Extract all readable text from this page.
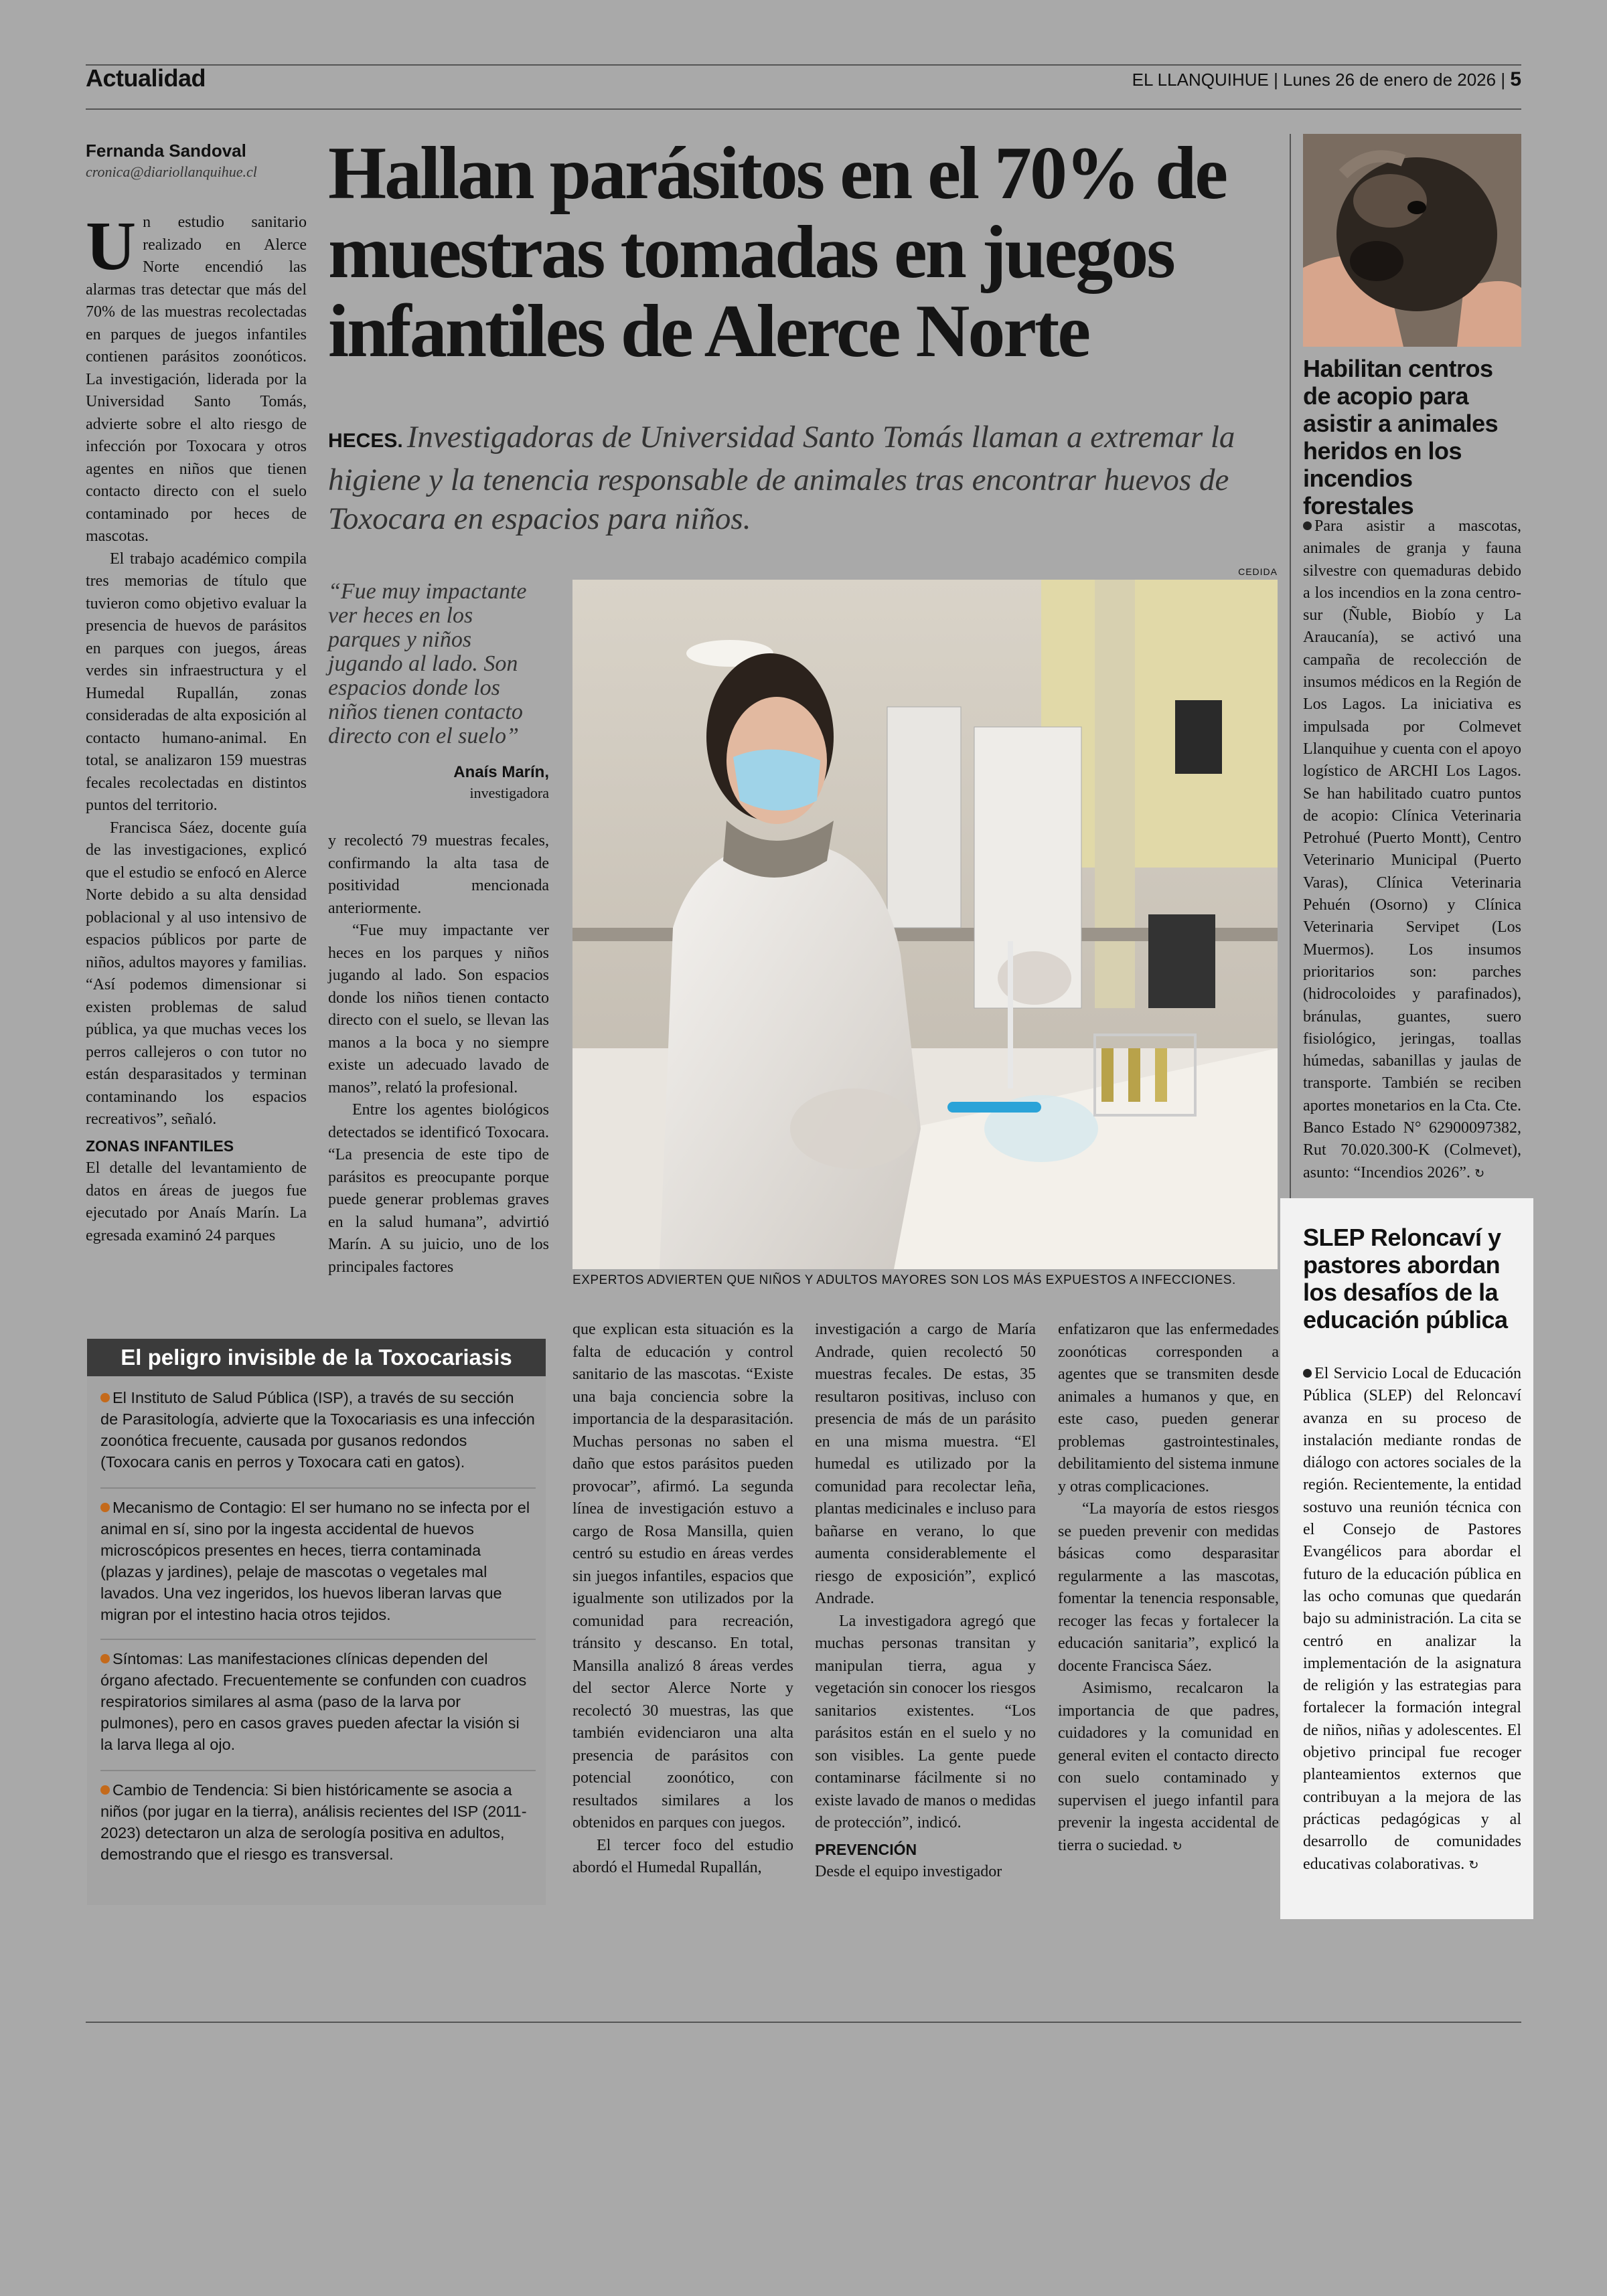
Actualidad	EL LLANQUIHUE | Lunes 26 de enero de 2026 | 5
Fernanda Sandoval
cronica@diariollanquihue.cl Hallan parásitos en el 70% de muestras tomadas en juegos infantiles de Alerce Norte
HECES. Investigadoras de Universidad Santo Tomás llaman a extremar la higiene y la tenencia responsable de animales tras encontrar huevos de Toxocara en espacios para niños.
U n estudio sanitario realizado en Alerce Norte encendió las alarmas tras detectar que más del 70% de las muestras recolectadas en parques de juegos infantiles contienen parásitos zoonóticos. La investigación, liderada por la Universidad Santo Tomás, advierte sobre el alto riesgo de infección por Toxocara y otros agentes en niños que tienen contacto directo con el suelo contaminado por heces de mascotas.

El trabajo académico compila tres memorias de título que tuvieron como objetivo evaluar la presencia de huevos de parásitos en parques con juegos, áreas verdes sin infraestructura y el Humedal Rupallán, zonas consideradas de alta exposición al contacto humano-animal. En total, se analizaron 159 muestras fecales recolectadas en distintos puntos del territorio.

Francisca Sáez, docente guía de las investigaciones, explicó que el estudio se enfocó en Alerce Norte debido a su alta densidad poblacional y al uso intensivo de espacios públicos por parte de niños, adultos mayores y familias. “Así podemos dimensionar si existen problemas de salud pública, ya que muchas veces los perros callejeros o con tutor no están desparasitados y terminan contaminando los espacios recreativos”, señaló.

ZONAS INFANTILES

El detalle del levantamiento de datos en áreas de juegos fue ejecutado por Anaís Marín. La egresada examinó 24 parques

“Fue muy impactante ver heces en los parques y niños jugando al lado. Son espacios donde los niños tienen contacto directo con el suelo”
Anaís Marín,
investigadora

y recolectó 79 muestras fecales, confirmando la alta tasa de positividad mencionada anteriormente.

“Fue muy impactante ver heces en los parques y niños jugando al lado. Son espacios donde los niños tienen contacto directo con el suelo, se llevan las manos a la boca y no siempre existe un adecuado lavado de manos”, relató la profesional.

Entre los agentes biológicos detectados se identificó Toxocara. “La presencia de este tipo de parásitos es preocupante porque puede generar problemas graves en la salud humana”, advirtió Marín. A su juicio, uno de los principales factores

CEDIDA
EXPERTOS ADVIERTEN QUE NIÑOS Y ADULTOS MAYORES SON LOS MÁS EXPUESTOS A INFECCIONES.
El peligro invisible de la Toxocariasis
El Instituto de Salud Pública (ISP), a través de su sección de Parasitología, advierte que la Toxocariasis es una infección zoonótica frecuente, causada por gusanos redondos (Toxocara canis en perros y Toxocara cati en gatos).
Mecanismo de Contagio: El ser humano no se infecta por el animal en sí, sino por la ingesta accidental de huevos microscópicos presentes en heces, tierra contaminada (plazas y jardines), pelaje de mascotas o vegetales mal lavados. Una vez ingeridos, los huevos liberan larvas que migran por el intestino hacia otros tejidos.
Síntomas: Las manifestaciones clínicas dependen del órgano afectado. Frecuentemente se confunden con cuadros respiratorios similares al asma (paso de la larva por pulmones), pero en casos graves pueden afectar la visión si la larva llega al ojo.
Cambio de Tendencia: Si bien históricamente se asocia a niños (por jugar en la tierra), análisis recientes del ISP (2011-2023) detectaron un alza de serología positiva en adultos, demostrando que el riesgo es transversal.

que explican esta situación es la falta de educación y control sanitario de las mascotas. “Existe una baja conciencia sobre la importancia de la desparasitación. Muchas personas no saben el daño que estos parásitos pueden provocar”, afirmó. La segunda línea de investigación estuvo a cargo de Rosa Mansilla, quien centró su estudio en áreas verdes sin juegos infantiles, espacios que igualmente son utilizados por la comunidad para recreación, tránsito y descanso. En total, Mansilla analizó 8 áreas verdes del sector Alerce Norte y recolectó 30 muestras, las que también evidenciaron una alta presencia de parásitos con potencial zoonótico, con resultados similares a los obtenidos en parques con juegos.

El tercer foco del estudio abordó el Humedal Rupallán,

investigación a cargo de María Andrade, quien recolectó 50 muestras fecales. De estas, 35 resultaron positivas, incluso con presencia de más de un parásito en una misma muestra. “El humedal es utilizado por la comunidad para recolectar leña, plantas medicinales e incluso para bañarse en verano, lo que aumenta considerablemente el riesgo de exposición”, explicó Andrade.

La investigadora agregó que muchas personas transitan y manipulan tierra, agua y vegetación sin conocer los riesgos sanitarios existentes. “Los parásitos están en el suelo y no son visibles. La gente puede contaminarse fácilmente si no existe lavado de manos o medidas de protección”, indicó.

PREVENCIÓN

Desde el equipo investigador

enfatizaron que las enfermedades zoonóticas corresponden a agentes que se transmiten desde animales a humanos y que, en este caso, pueden generar problemas gastrointestinales, debilitamiento del sistema inmune y otras complicaciones.

“La mayoría de estos riesgos se pueden prevenir con medidas básicas como desparasitar regularmente a las mascotas, fomentar la tenencia responsable, recoger las fecas y fortalecer la educación sanitaria”, explicó la docente Francisca Sáez.

Asimismo, recalcaron la importancia de que padres, cuidadores y la comunidad en general eviten el contacto directo con suelo contaminado y supervisen el juego infantil para prevenir la ingesta accidental de tierra o suciedad. ↻

Habilitan centros de acopio para asistir a animales heridos en los incendios forestales
Para asistir a mascotas, animales de granja y fauna silvestre con quemaduras debido a los incendios en la zona centro-sur (Ñuble, Biobío y La Araucanía), se activó una campaña de recolección de insumos médicos en la Región de Los Lagos. La iniciativa es impulsada por Colmevet Llanquihue y cuenta con el apoyo logístico de ARCHI Los Lagos. Se han habilitado cuatro puntos de acopio: Clínica Veterinaria Petrohué (Puerto Montt), Centro Veterinario Municipal (Puerto Varas), Clínica Veterinaria Pehuén (Osorno) y Clínica Veterinaria Servipet (Los Muermos). Los insumos prioritarios son: parches (hidrocoloides y parafinados), bránulas, guantes, suero fisiológico, jeringas, toallas húmedas, sabanillas y jaulas de transporte. También se reciben aportes monetarios en la Cta. Cte. Banco Estado N° 62900097382, Rut 70.020.300-K (Colmevet), asunto: “Incendios 2026”. ↻
SLEP Reloncaví y pastores abordan los desafíos de la educación pública
El Servicio Local de Educación Pública (SLEP) del Reloncaví avanza en su proceso de instalación mediante rondas de diálogo con actores sociales de la región. Recientemente, la entidad sostuvo una reunión técnica con el Consejo de Pastores Evangélicos para abordar el futuro de la educación pública en las ocho comunas que quedarán bajo su administración. La cita se centró en analizar la implementación de la asignatura de religión y las estrategias para fortalecer la formación integral de niños, niñas y adolescentes. El objetivo principal fue recoger planteamientos externos que contribuyan a la mejora de las prácticas pedagógicas y al desarrollo de comunidades educativas colaborativas. ↻
